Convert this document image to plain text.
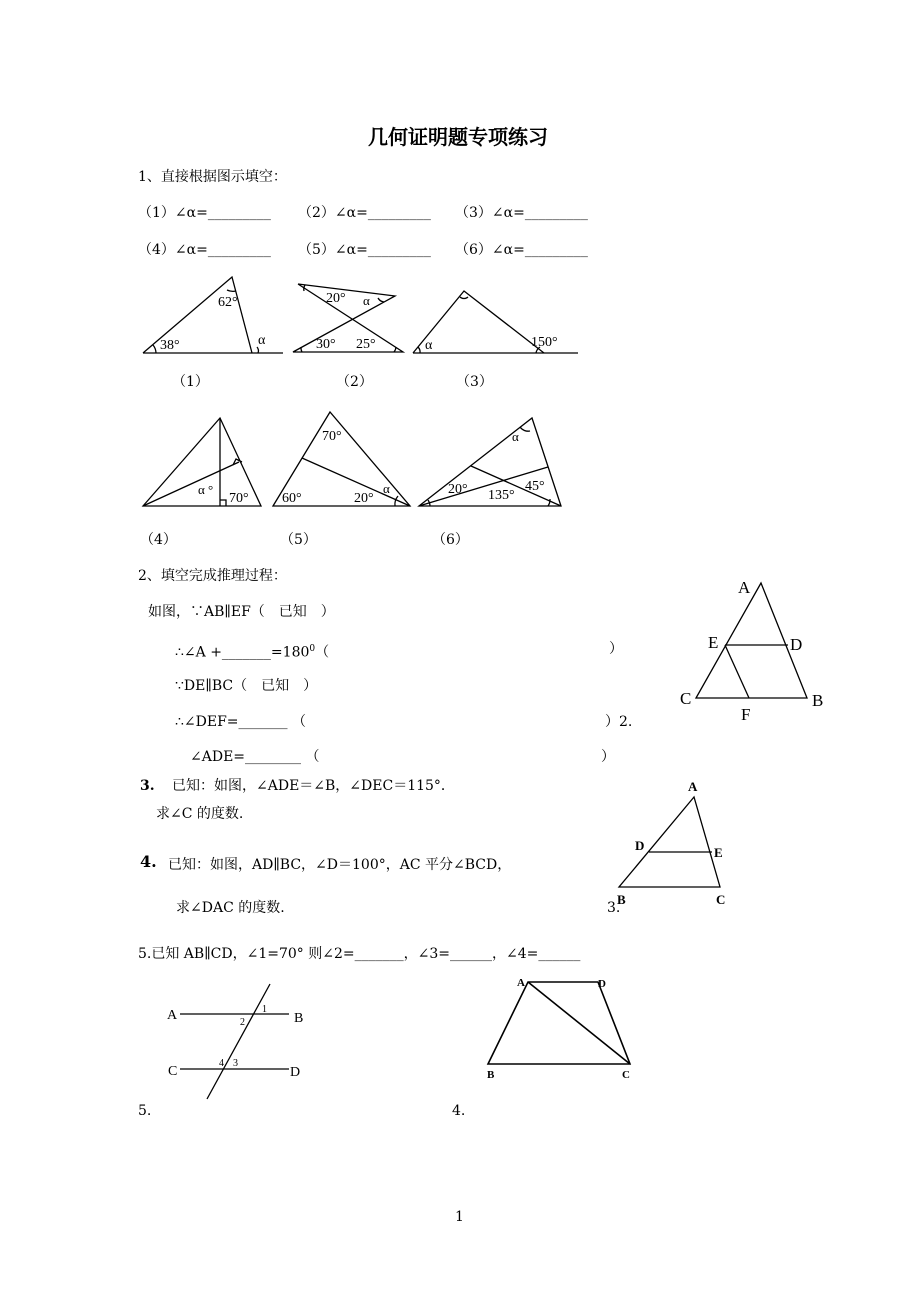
几何证明题专项练习
1、直接根据图示填空：
（1）∠α=_________ （2）∠α=_________ （3）∠α=_________
（4）∠α=_________ （5）∠α=_________ （6）∠α=_________
（1）	（2）	（3）
（4）	（5）	（6）
62°
38°	α
20° α
30° 25°	α	150°
α °
70°
70°
60°	20°
α
α
20° 135°
45°
A
E	D
C	B
F
A
D	E
B	C
A	B
C	D
1
2
3
4
A	D
B	C
2、填空完成推理过程：
如图，∵AB∥EF（　已知　）
∴∠A $+\_\_\_\_\_\_\_=180^0$（	）
∵DE∥BC（　已知　）
∴∠DEF=_______ （	）2.
∠ADE=________ （	）
3. 已知：如图，∠ADE＝∠B，∠DEC＝115°．
求∠C 的度数.
3.
4. 已知：如图，AD∥BC，∠D＝100°，AC 平分∠BCD，
求∠DAC 的度数.
5.已知 AB∥CD，∠1=70° 则∠2=_______，∠3=______，∠4=______
5.	4.
1
